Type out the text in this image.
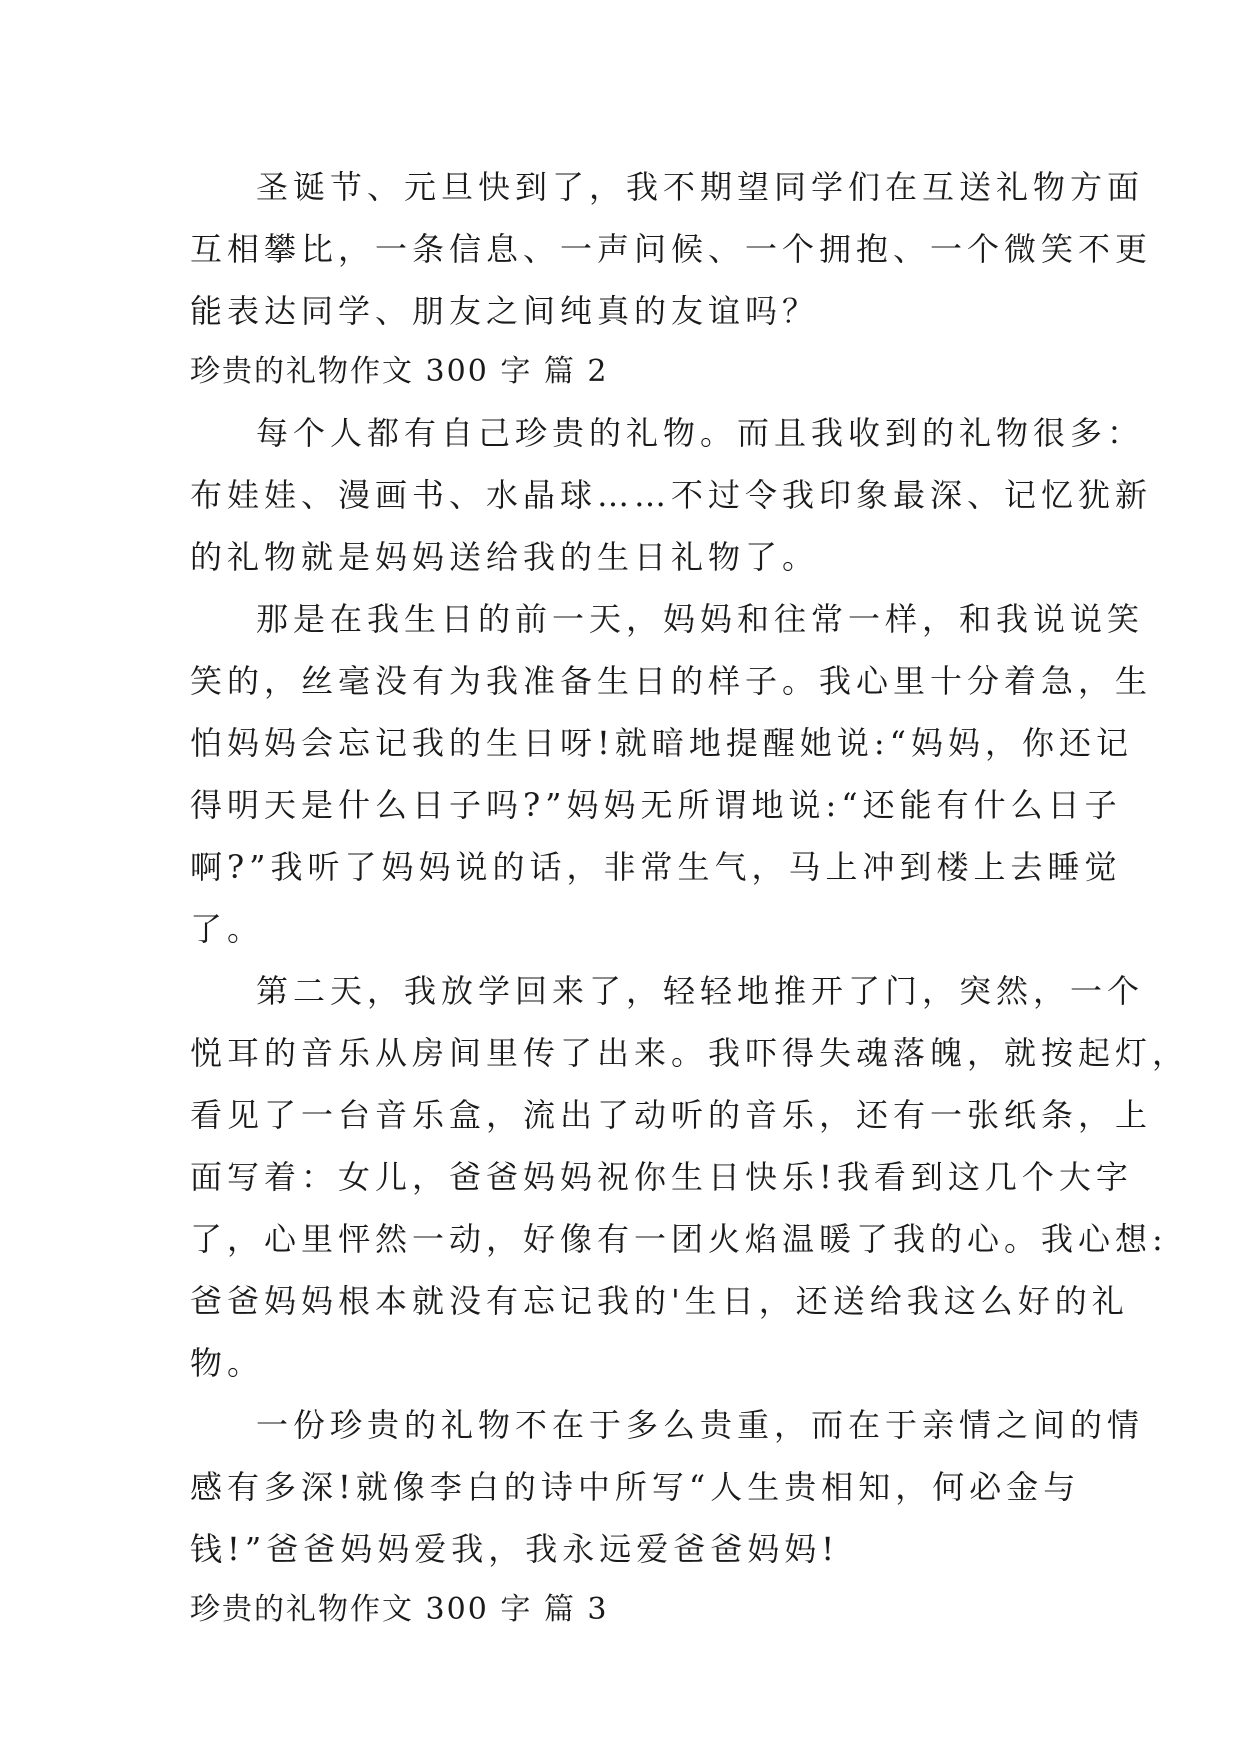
圣诞节、元旦快到了，我不期望同学们在互送礼物方面
互相攀比，一条信息、一声问候、一个拥抱、一个微笑不更
能表达同学、朋友之间纯真的友谊吗？
珍贵的礼物作文 300 字 篇 2
每个人都有自己珍贵的礼物。而且我收到的礼物很多：
布娃娃、漫画书、水晶球……不过令我印象最深、记忆犹新
的礼物就是妈妈送给我的生日礼物了。
那是在我生日的前一天，妈妈和往常一样，和我说说笑
笑的，丝毫没有为我准备生日的样子。我心里十分着急，生
怕妈妈会忘记我的生日呀!就暗地提醒她说:“妈妈，你还记
得明天是什么日子吗?”妈妈无所谓地说:“还能有什么日子
啊?”我听了妈妈说的话，非常生气，马上冲到楼上去睡觉
了。
第二天，我放学回来了，轻轻地推开了门，突然，一个
悦耳的音乐从房间里传了出来。我吓得失魂落魄，就按起灯，
看见了一台音乐盒，流出了动听的音乐，还有一张纸条，上
面写着：女儿，爸爸妈妈祝你生日快乐!我看到这几个大字
了，心里怦然一动，好像有一团火焰温暖了我的心。我心想:
爸爸妈妈根本就没有忘记我的'生日，还送给我这么好的礼
物。
一份珍贵的礼物不在于多么贵重，而在于亲情之间的情
感有多深!就像李白的诗中所写“人生贵相知，何必金与
钱!”爸爸妈妈爱我，我永远爱爸爸妈妈!
珍贵的礼物作文 300 字 篇 3
